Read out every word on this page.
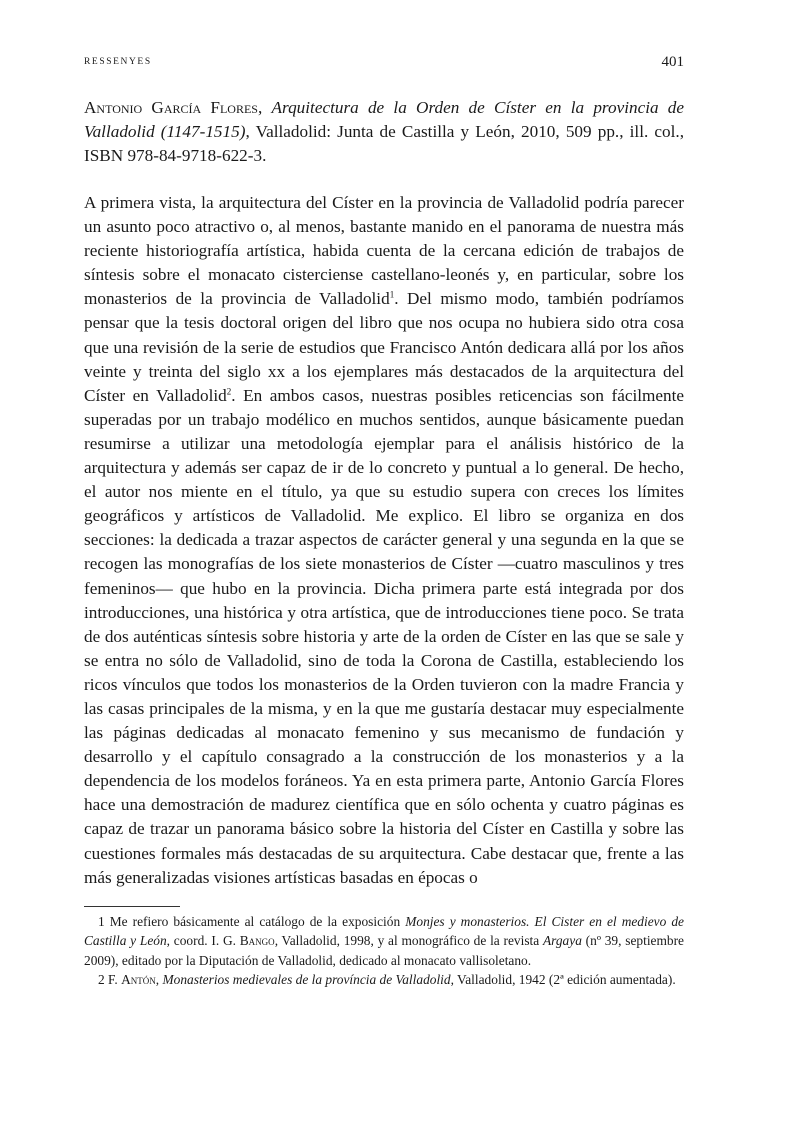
RESSENYES	401
Antonio García Flores, Arquitectura de la Orden de Císter en la provincia de Valladolid (1147-1515), Valladolid: Junta de Castilla y León, 2010, 509 pp., ill. col., ISBN 978-84-9718-622-3.

A primera vista, la arquitectura del Císter en la provincia de Valladolid podría parecer un asunto poco atractivo o, al menos, bastante manido en el panorama de nuestra más reciente historiografía artística, habida cuenta de la cercana edición de trabajos de síntesis sobre el monacato cisterciense castellano-leonés y, en particular, sobre los monasterios de la provincia de Valladolid$^1$. Del mismo modo, también podríamos pensar que la tesis doctoral origen del libro que nos ocupa no hubiera sido otra cosa que una revisión de la serie de estudios que Francisco Antón dedicara allá por los años veinte y treinta del siglo xx a los ejemplares más destacados de la arquitectura del Císter en Valladolid$^2$. En ambos casos, nuestras posibles reticencias son fácilmente superadas por un trabajo modélico en muchos sentidos, aunque básicamente puedan resumirse a utilizar una metodología ejemplar para el análisis histórico de la arquitectura y además ser capaz de ir de lo concreto y puntual a lo general. De hecho, el autor nos miente en el título, ya que su estudio supera con creces los límites geográficos y artísticos de Valladolid. Me explico. El libro se organiza en dos secciones: la dedicada a trazar aspectos de carácter general y una segunda en la que se recogen las monografías de los siete monasterios de Císter —cuatro masculinos y tres femeninos— que hubo en la provincia. Dicha primera parte está integrada por dos introducciones, una histórica y otra artística, que de introducciones tiene poco. Se trata de dos auténticas síntesis sobre historia y arte de la orden de Císter en las que se sale y se entra no sólo de Valladolid, sino de toda la Corona de Castilla, estableciendo los ricos vínculos que todos los monasterios de la Orden tuvieron con la madre Francia y las casas principales de la misma, y en la que me gustaría destacar muy especialmente las páginas dedicadas al monacato femenino y sus mecanismo de fundación y desarrollo y el capítulo consagrado a la construcción de los monasterios y a la dependencia de los modelos foráneos. Ya en esta primera parte, Antonio García Flores hace una demostración de madurez científica que en sólo ochenta y cuatro páginas es capaz de trazar un panorama básico sobre la historia del Císter en Castilla y sobre las cuestiones formales más destacadas de su arquitectura. Cabe destacar que, frente a las más generalizadas visiones artísticas basadas en épocas o

1 Me refiero básicamente al catálogo de la exposición Monjes y monasterios. El Cister en el medievo de Castilla y León, coord. I. G. Bango, Valladolid, 1998, y al monográfico de la revista Argaya (nº 39, septiembre 2009), editado por la Diputación de Valladolid, dedicado al monacato vallisoletano.

2 F. Antón, Monasterios medievales de la província de Valladolid, Valladolid, 1942 (2ª edición aumentada).
